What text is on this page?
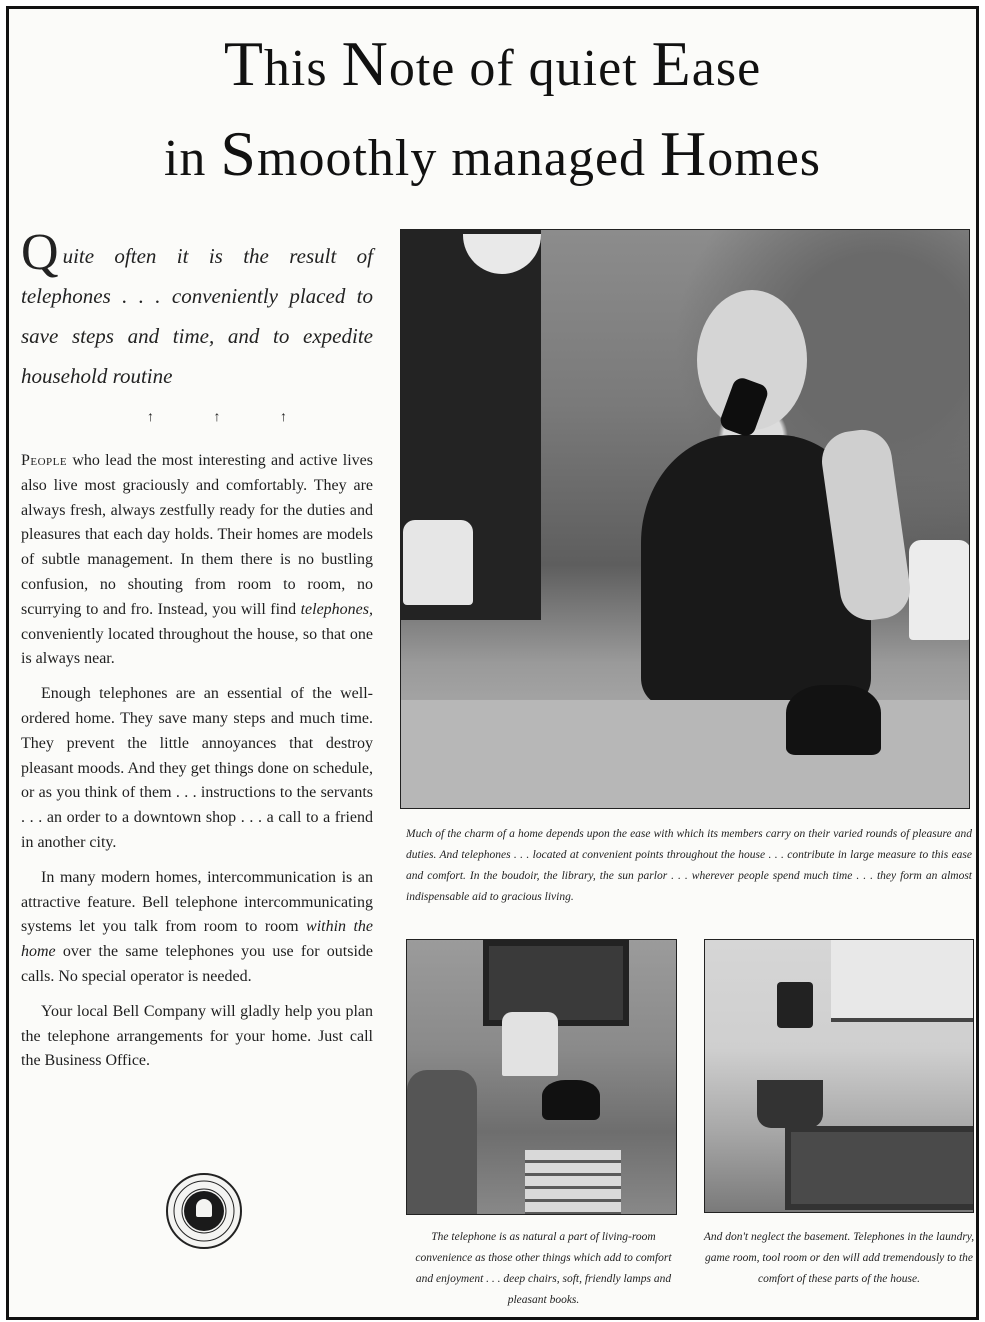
This Note of quiet Ease
in Smoothly managed Homes
Quite often it is the result of telephones . . . conveniently placed to save steps and time, and to expedite household routine
↑ ↑ ↑

People who lead the most interesting and active lives also live most graciously and comfortably. They are always fresh, always zestfully ready for the duties and pleasures that each day holds. Their homes are models of subtle management. In them there is no bustling confusion, no shouting from room to room, no scurrying to and fro. Instead, you will find telephones, conveniently located throughout the house, so that one is always near.

Enough telephones are an essential of the well-ordered home. They save many steps and much time. They prevent the little annoyances that destroy pleasant moods. And they get things done on schedule, or as you think of them . . . instructions to the servants . . . an order to a downtown shop . . . a call to a friend in another city.

In many modern homes, intercommunication is an attractive feature. Bell telephone intercommunicating systems let you talk from room to room within the home over the same telephones you use for outside calls. No special operator is needed.

Your local Bell Company will gladly help you plan the telephone arrangements for your home. Just call the Business Office.

Much of the charm of a home depends upon the ease with which its members carry on their varied rounds of pleasure and duties. And telephones . . . located at convenient points throughout the house . . . contribute in large measure to this ease and comfort. In the boudoir, the library, the sun parlor . . . wherever people spend much time . . . they form an almost indispensable aid to gracious living.
The telephone is as natural a part of living-room convenience as those other things which add to comfort and enjoyment . . . deep chairs, soft, friendly lamps and pleasant books.
And don't neglect the basement. Telephones in the laundry, game room, tool room or den will add tremendously to the comfort of these parts of the house.
